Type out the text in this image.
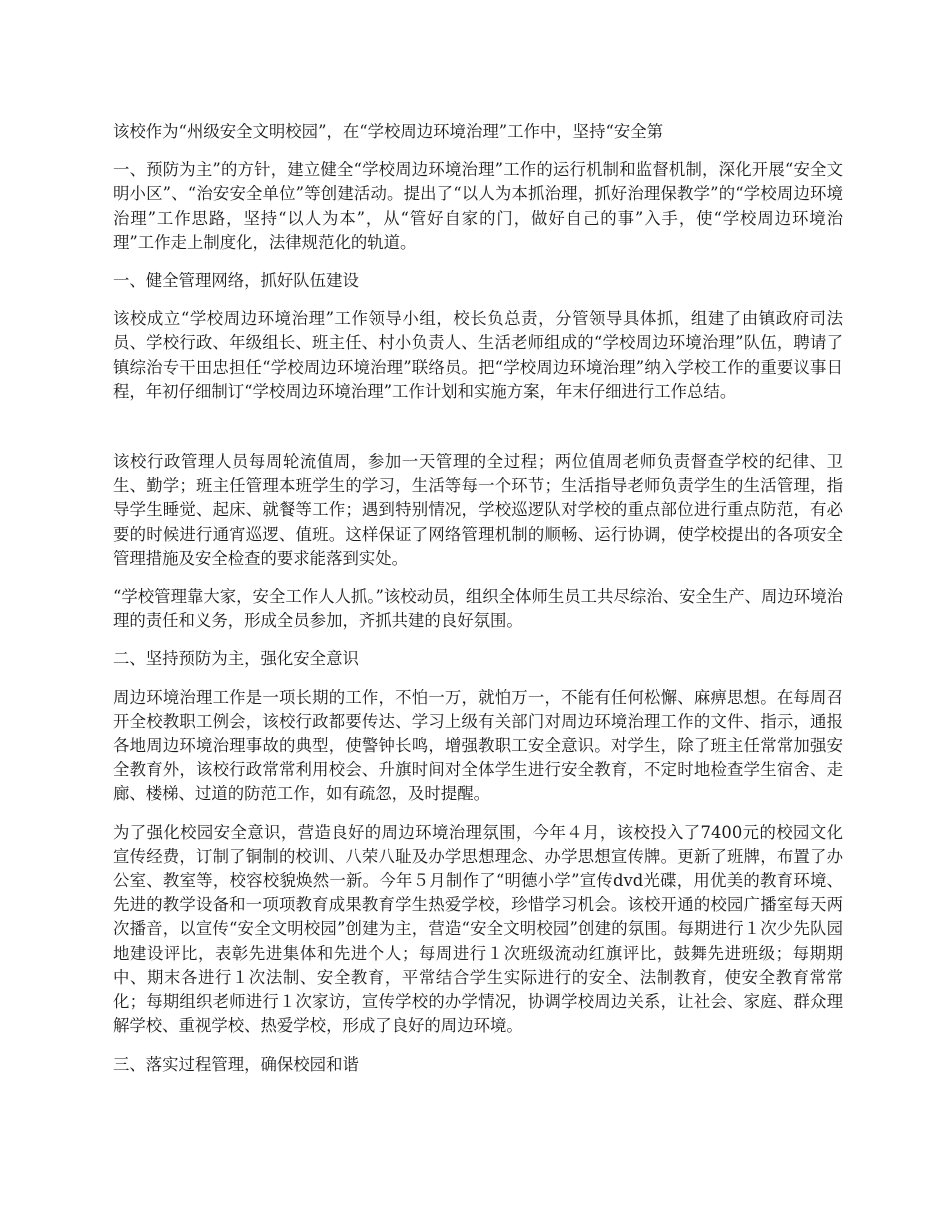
该校作为“州级安全文明校园”，在“学校周边环境治理”工作中，坚持“安全第

一、预防为主”的方针，建立健全“学校周边环境治理”工作的运行机制和监督机制，深化开展“安全文明小区”、“治安安全单位”等创建活动。提出了“以人为本抓治理，抓好治理保教学”的“学校周边环境治理”工作思路，坚持“以人为本”，从“管好自家的门，做好自己的事”入手，使“学校周边环境治理”工作走上制度化，法律规范化的轨道。

一、健全管理网络，抓好队伍建设

该校成立“学校周边环境治理”工作领导小组，校长负总责，分管领导具体抓，组建了由镇政府司法员、学校行政、年级组长、班主任、村小负责人、生活老师组成的“学校周边环境治理”队伍，聘请了镇综治专干田忠担任“学校周边环境治理”联络员。把“学校周边环境治理”纳入学校工作的重要议事日程，年初仔细制订“学校周边环境治理”工作计划和实施方案，年末仔细进行工作总结。

该校行政管理人员每周轮流值周，参加一天管理的全过程；两位值周老师负责督查学校的纪律、卫生、勤学；班主任管理本班学生的学习，生活等每一个环节；生活指导老师负责学生的生活管理，指导学生睡觉、起床、就餐等工作；遇到特别情况，学校巡逻队对学校的重点部位进行重点防范，有必要的时候进行通宵巡逻、值班。这样保证了网络管理机制的顺畅、运行协调，使学校提出的各项安全管理措施及安全检查的要求能落到实处。

“学校管理靠大家，安全工作人人抓。”该校动员，组织全体师生员工共尽综治、安全生产、周边环境治理的责任和义务，形成全员参加，齐抓共建的良好氛围。

二、坚持预防为主，强化安全意识

周边环境治理工作是一项长期的工作，不怕一万，就怕万一，不能有任何松懈、麻痹思想。在每周召开全校教职工例会，该校行政都要传达、学习上级有关部门对周边环境治理工作的文件、指示，通报各地周边环境治理事故的典型，使警钟长鸣，增强教职工安全意识。对学生，除了班主任常常加强安全教育外，该校行政常常利用校会、升旗时间对全体学生进行安全教育，不定时地检查学生宿舍、走廊、楼梯、过道的防范工作，如有疏忽，及时提醒。

为了强化校园安全意识，营造良好的周边环境治理氛围，今年４月，该校投入了7400元的校园文化宣传经费，订制了铜制的校训、八荣八耻及办学思想理念、办学思想宣传牌。更新了班牌，布置了办公室、教室等，校容校貌焕然一新。今年５月制作了“明德小学”宣传dvd光碟，用优美的教育环境、先进的教学设备和一项项教育成果教育学生热爱学校，珍惜学习机会。该校开通的校园广播室每天两次播音，以宣传“安全文明校园”创建为主，营造“安全文明校园”创建的氛围。每期进行１次少先队园地建设评比，表彰先进集体和先进个人；每周进行１次班级流动红旗评比，鼓舞先进班级；每期期中、期末各进行１次法制、安全教育，平常结合学生实际进行的安全、法制教育，使安全教育常常化；每期组织老师进行１次家访，宣传学校的办学情况，协调学校周边关系，让社会、家庭、群众理解学校、重视学校、热爱学校，形成了良好的周边环境。

三、落实过程管理，确保校园和谐
